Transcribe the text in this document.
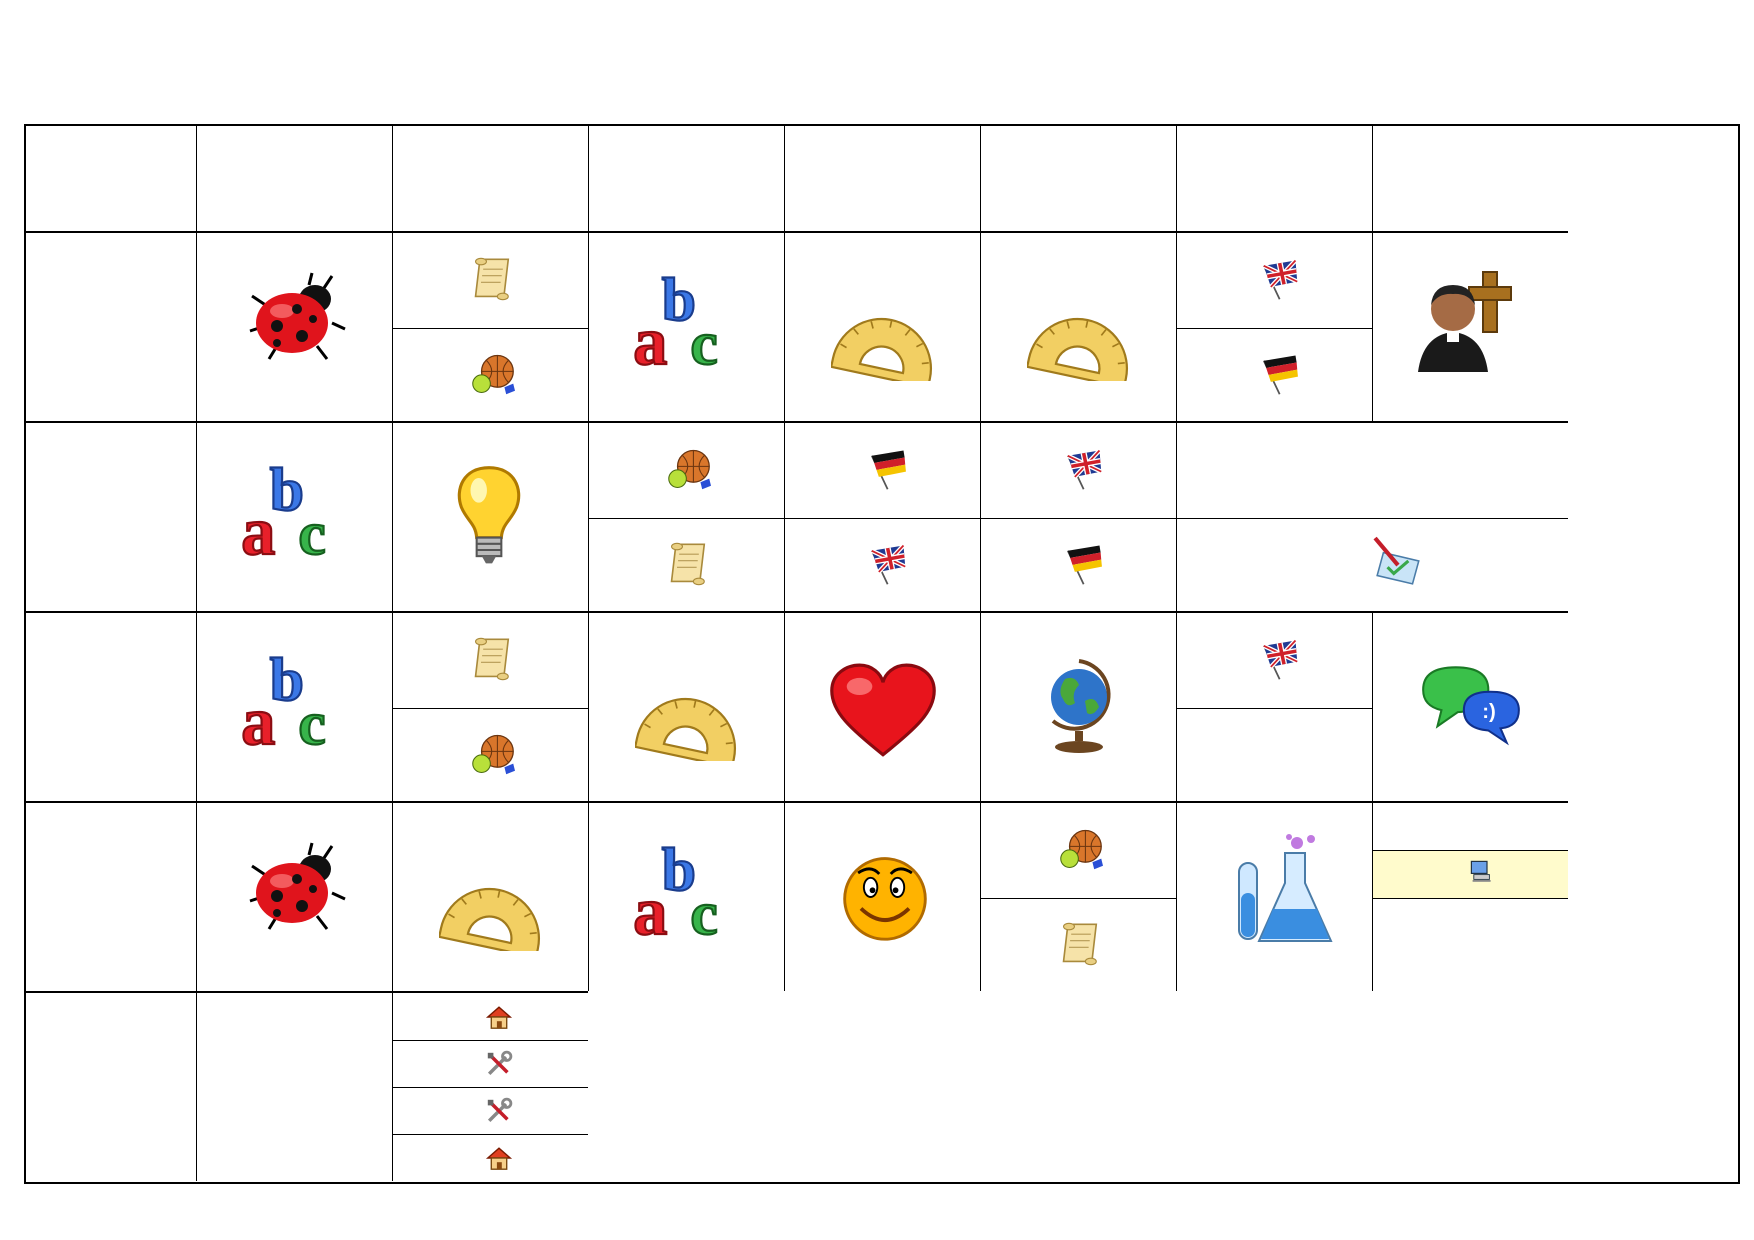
b
a c
b
a c
b
a c	:)
b
a c
